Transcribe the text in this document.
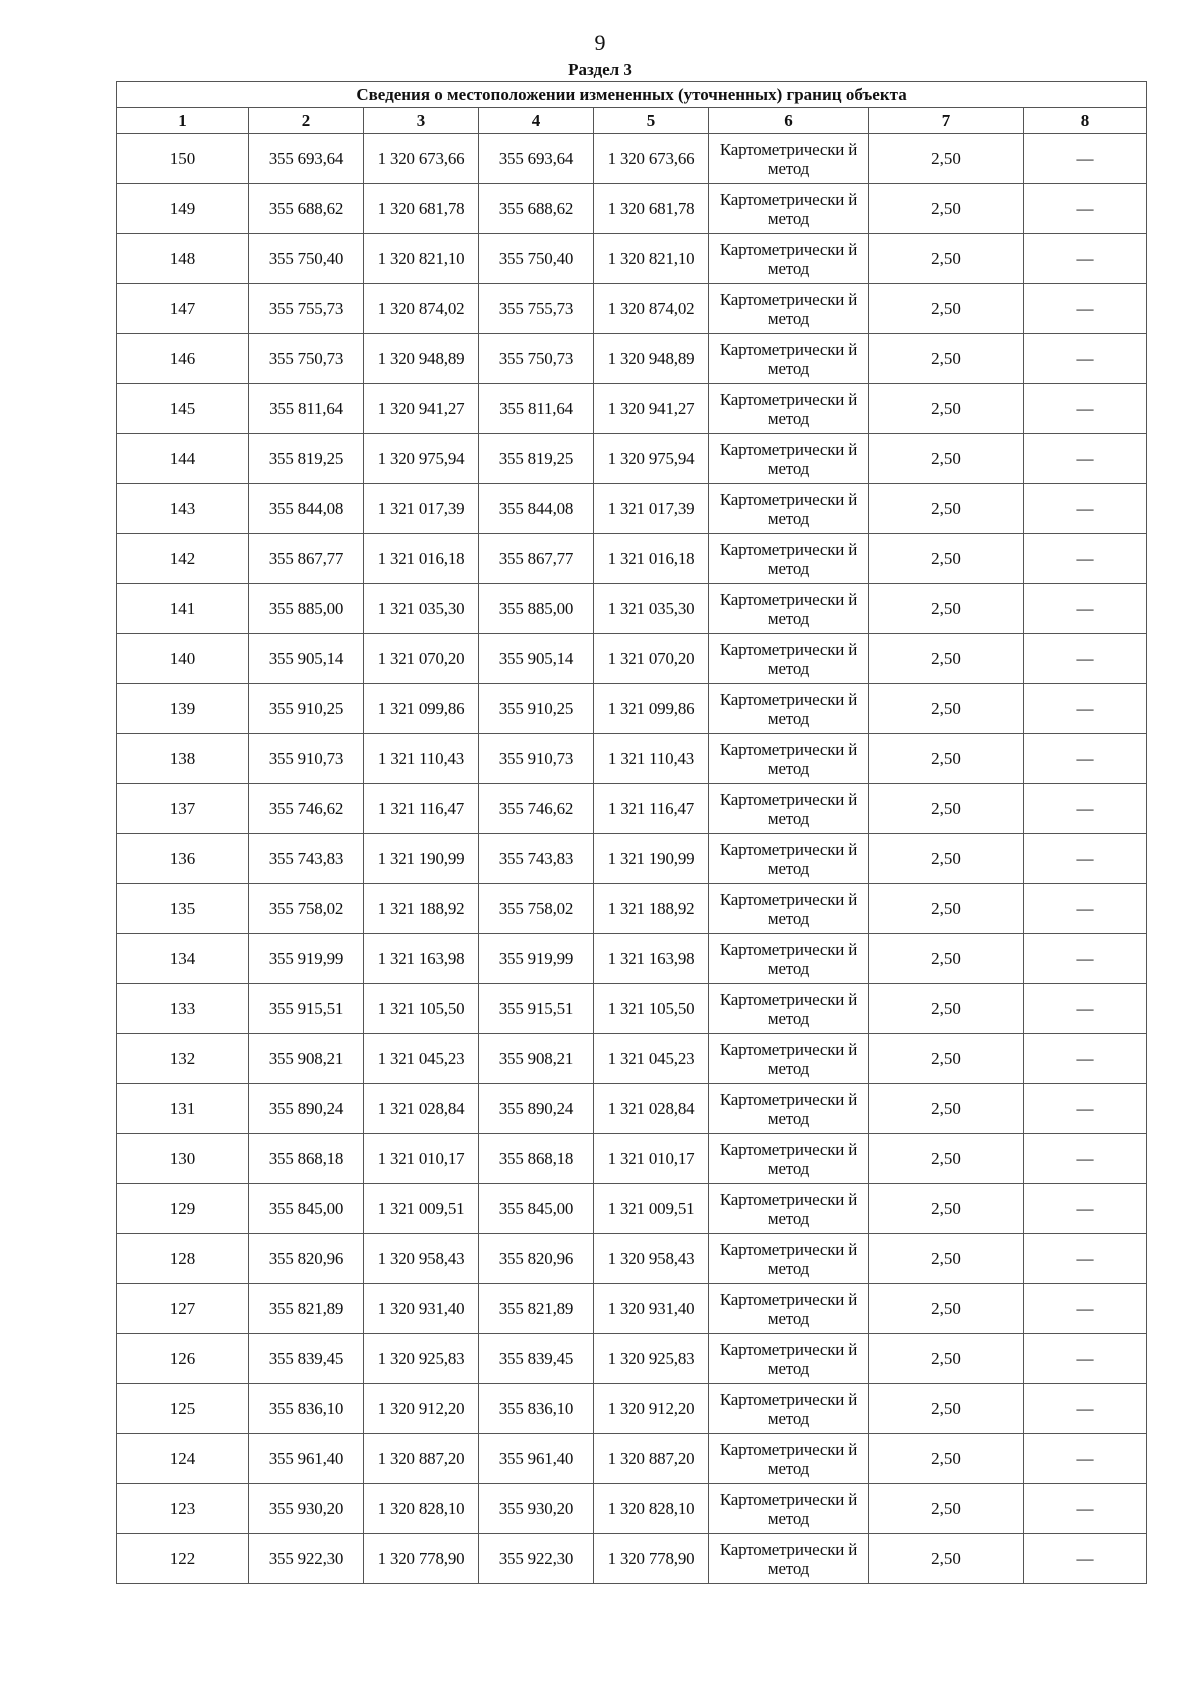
9
Раздел 3
Сведения о местоположении измененных (уточненных) границ объекта							
1	2	3	4	5	6	7	8
150	355 693,64	1 320 673,66	355 693,64	1 320 673,66	Картометрически й метод	2,50	—
149	355 688,62	1 320 681,78	355 688,62	1 320 681,78	Картометрически й метод	2,50	—
148	355 750,40	1 320 821,10	355 750,40	1 320 821,10	Картометрически й метод	2,50	—
147	355 755,73	1 320 874,02	355 755,73	1 320 874,02	Картометрически й метод	2,50	—
146	355 750,73	1 320 948,89	355 750,73	1 320 948,89	Картометрически й метод	2,50	—
145	355 811,64	1 320 941,27	355 811,64	1 320 941,27	Картометрически й метод	2,50	—
144	355 819,25	1 320 975,94	355 819,25	1 320 975,94	Картометрически й метод	2,50	—
143	355 844,08	1 321 017,39	355 844,08	1 321 017,39	Картометрически й метод	2,50	—
142	355 867,77	1 321 016,18	355 867,77	1 321 016,18	Картометрически й метод	2,50	—
141	355 885,00	1 321 035,30	355 885,00	1 321 035,30	Картометрически й метод	2,50	—
140	355 905,14	1 321 070,20	355 905,14	1 321 070,20	Картометрически й метод	2,50	—
139	355 910,25	1 321 099,86	355 910,25	1 321 099,86	Картометрически й метод	2,50	—
138	355 910,73	1 321 110,43	355 910,73	1 321 110,43	Картометрически й метод	2,50	—
137	355 746,62	1 321 116,47	355 746,62	1 321 116,47	Картометрически й метод	2,50	—
136	355 743,83	1 321 190,99	355 743,83	1 321 190,99	Картометрически й метод	2,50	—
135	355 758,02	1 321 188,92	355 758,02	1 321 188,92	Картометрически й метод	2,50	—
134	355 919,99	1 321 163,98	355 919,99	1 321 163,98	Картометрически й метод	2,50	—
133	355 915,51	1 321 105,50	355 915,51	1 321 105,50	Картометрически й метод	2,50	—
132	355 908,21	1 321 045,23	355 908,21	1 321 045,23	Картометрически й метод	2,50	—
131	355 890,24	1 321 028,84	355 890,24	1 321 028,84	Картометрически й метод	2,50	—
130	355 868,18	1 321 010,17	355 868,18	1 321 010,17	Картометрически й метод	2,50	—
129	355 845,00	1 321 009,51	355 845,00	1 321 009,51	Картометрически й метод	2,50	—
128	355 820,96	1 320 958,43	355 820,96	1 320 958,43	Картометрически й метод	2,50	—
127	355 821,89	1 320 931,40	355 821,89	1 320 931,40	Картометрически й метод	2,50	—
126	355 839,45	1 320 925,83	355 839,45	1 320 925,83	Картометрически й метод	2,50	—
125	355 836,10	1 320 912,20	355 836,10	1 320 912,20	Картометрически й метод	2,50	—
124	355 961,40	1 320 887,20	355 961,40	1 320 887,20	Картометрически й метод	2,50	—
123	355 930,20	1 320 828,10	355 930,20	1 320 828,10	Картометрически й метод	2,50	—
122	355 922,30	1 320 778,90	355 922,30	1 320 778,90	Картометрически й метод	2,50	—
